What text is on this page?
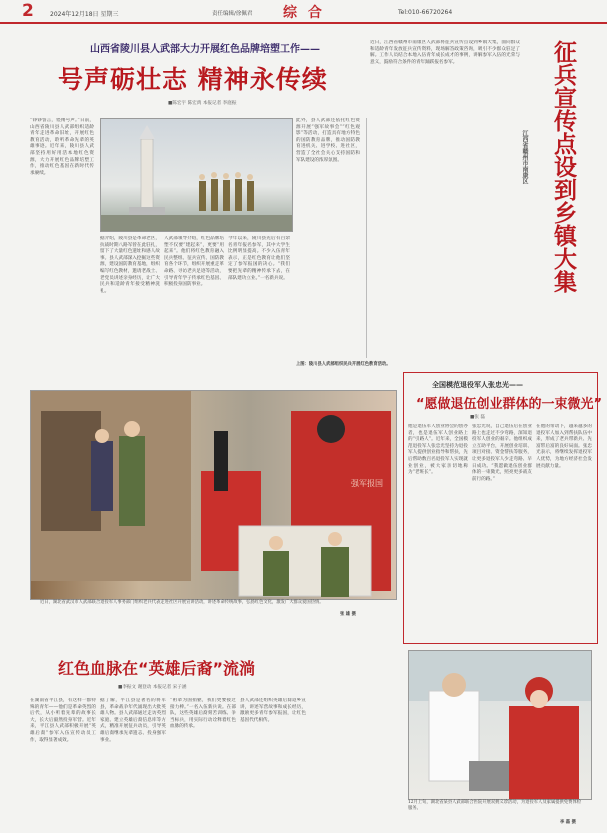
2	2024年12月18日 星期三	责任编辑/徐佩君 综 合	Tel:010-66720264
山西省陵川县人武部大力开展红色品牌培塑工作——
号声砺壮志 精神永传续
■陈宏宇 陈宏禹 本报记者 李庭振
“铮铮誓言，铿锵号声。”日前，山西省陵川县人武部组织适龄青年走进革命旧址，开展红色教育活动，聆听革命先辈的英雄事迹。近年来，陵川县人武部坚持用好用活本地红色资源，大力开展红色品牌培塑工作，推动红色基因在新时代传承赓续。
据介绍，陵川县是革命老区，抗战时期八路军曾在此驻扎，留下了大量红色遗址和感人故事。县人武部深入挖掘这些资源，建设国防教育基地，组织编写红色教材，邀请老战士、老党员讲述亲身经历，让广大民兵和适龄青年接受精神洗礼。
人武部领导介绍，红色品牌培塑不仅要“建起来”，更要“用起来”。他们将红色教育融入民兵整组、征兵宣传、国防教育各个环节，组织开展重走革命路、寻访老兵足迹等活动，引导青年学子传承红色基因、积极投身国防事业。
今年以来，陵川县先后有百余名青年报名参军，其中大学生比例明显提高。不少入伍青年表示，正是红色教育让他们坚定了参军报国的决心。“我们要把先辈的精神传承下去，在部队建功立业。”一名新兵说。
此外，县人武部还依托红色资源开展“强军故事会”“红色观影”等活动，打造具有地方特色的国防教育品牌，推动国防教育进机关、进学校、进社区，营造了全社会关心支持国防和军队建设的浓厚氛围。
上图：陵川县人武部组织民兵开展红色教育活动。
近日，江西省赣州市南康区人武部将征兵宣传点设到乡镇大集，面向群众和适龄青年发放征兵宣传资料，现场解答政策咨询，吸引不少群众驻足了解。工作人员结合本地入伍青年成长成才的事例，讲解参军入伍的光荣与意义，鼓励符合条件的青年踊跃报名参军。	征兵宣传点设到乡镇大集
江西省赣州市南康区
全国模范退役军人张忠光——
“愿做退伍创业群体的一束微光”
■张 磊
他是退伍军人创业协会的创办者，也是退伍军人创业路上的“引路人”。近年来，全国模范退役军人张忠光坚持为退役军人提供创业指导和帮扶，先后帮助数百名退役军人实现就业创业，被大家亲切地称为“老班长”。
张忠光说，自己退伍后在创业路上也走过不少弯路，深知退役军人创业的艰辛。他组织成立互助平台，开展创业培训、项目对接、资金帮扶等服务，让更多退役军人少走弯路、早日成功。“我愿做退伍创业群体的一束微光，照亮更多战友前行的路。”
在他的带动下，越来越多的退役军人加入到帮扶队伍中来，形成了老兵带新兵、先富带后富的良好局面。张忠光表示，将继续发挥退役军人优势，为地方经济社会发展贡献力量。
强军报国
近日，湖北省武汉市人武部联合退役军人事务部门组织老兵代表走进社区开展宣讲活动，讲述革命传统故事，弘扬红色文化，激发广大群众爱国热情。
张 雄 摄
红色血脉在“英雄后裔”流淌
■李振文 谢登动 本报记者 宋子涵
在湖南省平江县，有这样一群特殊的青年——他们是革命英烈的后代，从小听着先辈的故事长大，长大后毅然投身军营。近年来，平江县人武部积极开展“英雄后裔”参军入伍宣传动员工作，取得显著成效。
据了解，平江县是著名的将军县，革命战争年代涌现出大批英雄人物。县人武部通过走访英烈家庭、建立英雄后裔信息库等方式，精准开展征兵动员，引导英雄后裔继承先辈遗志、投身强军事业。
“祖辈为国捐躯，我们更要接过接力棒。”一名入伍新兵说。在部队，这些英雄后裔刻苦训练、争当标兵，用实际行动诠释着红色血脉的传承。
县人武部还组织英雄后裔返乡宣讲，讲述军营故事和成长经历，激励更多青年参军报国，让红色基因代代相传。
12月上旬，湖北省某县人武部联合医院开展双拥义诊活动，为退役军人及家属提供免费体检服务。
李 磊 摄
